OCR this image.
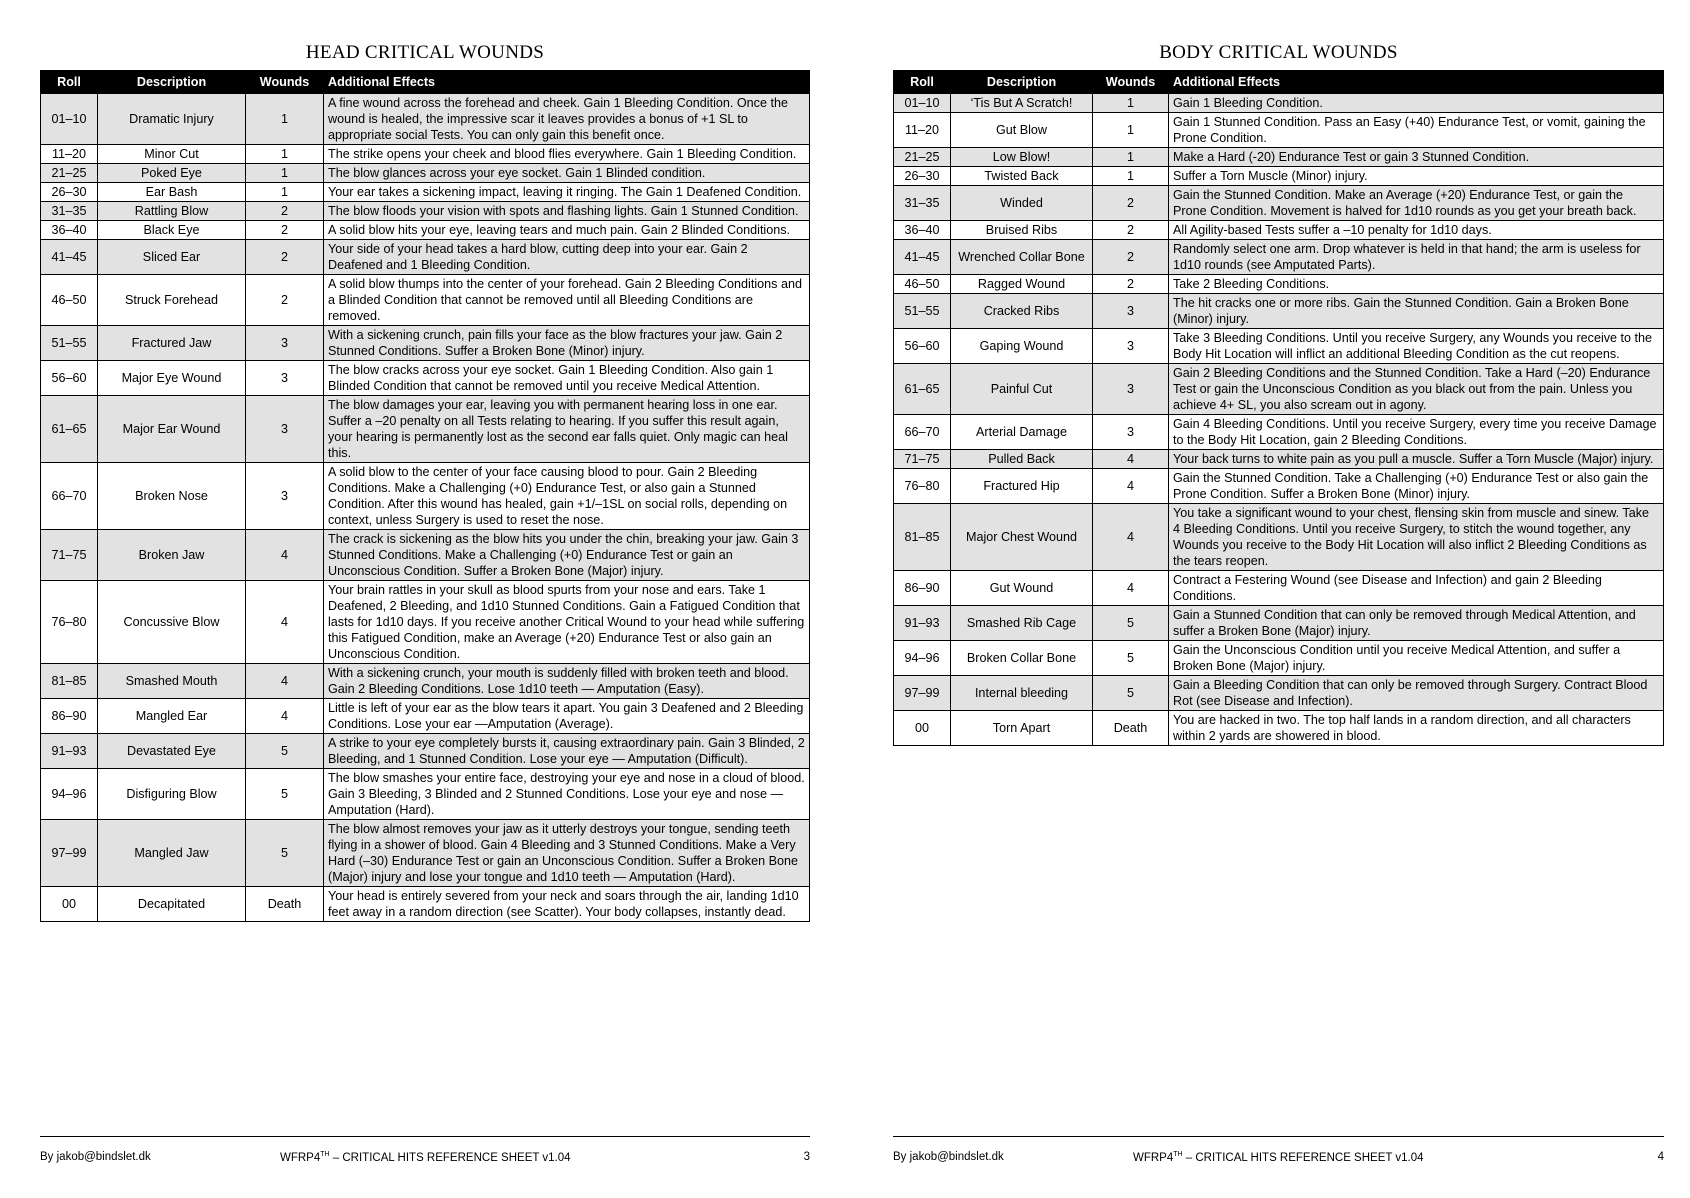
HEAD CRITICAL WOUNDS
Roll	Description	Wounds	Additional Effects
01–10	Dramatic Injury	1	A fine wound across the forehead and cheek. Gain 1 Bleeding Condition. Once the wound is healed, the impressive scar it leaves provides a bonus of +1 SL to appropriate social Tests. You can only gain this benefit once.
11–20	Minor Cut	1	The strike opens your cheek and blood flies everywhere. Gain 1 Bleeding Condition.
21–25	Poked Eye	1	The blow glances across your eye socket. Gain 1 Blinded condition.
26–30	Ear Bash	1	Your ear takes a sickening impact, leaving it ringing. The Gain 1 Deafened Condition.
31–35	Rattling Blow	2	The blow floods your vision with spots and flashing lights. Gain 1 Stunned Condition.
36–40	Black Eye	2	A solid blow hits your eye, leaving tears and much pain. Gain 2 Blinded Conditions.
41–45	Sliced Ear	2	Your side of your head takes a hard blow, cutting deep into your ear. Gain 2 Deafened and 1 Bleeding Condition.
46–50	Struck Forehead	2	A solid blow thumps into the center of your forehead. Gain 2 Bleeding Conditions and a Blinded Condition that cannot be removed until all Bleeding Conditions are removed.
51–55	Fractured Jaw	3	With a sickening crunch, pain fills your face as the blow fractures your jaw. Gain 2 Stunned Conditions. Suffer a Broken Bone (Minor) injury.
56–60	Major Eye Wound	3	The blow cracks across your eye socket. Gain 1 Bleeding Condition. Also gain 1 Blinded Condition that cannot be removed until you receive Medical Attention.
61–65	Major Ear Wound	3	The blow damages your ear, leaving you with permanent hearing loss in one ear. Suffer a –20 penalty on all Tests relating to hearing. If you suffer this result again, your hearing is permanently lost as the second ear falls quiet. Only magic can heal this.
66–70	Broken Nose	3	A solid blow to the center of your face causing blood to pour. Gain 2 Bleeding Conditions. Make a Challenging (+0) Endurance Test, or also gain a Stunned Condition. After this wound has healed, gain +1/–1SL on social rolls, depending on context, unless Surgery is used to reset the nose.
71–75	Broken Jaw	4	The crack is sickening as the blow hits you under the chin, breaking your jaw. Gain 3 Stunned Conditions. Make a Challenging (+0) Endurance Test or gain an Unconscious Condition. Suffer a Broken Bone (Major) injury.
76–80	Concussive Blow	4	Your brain rattles in your skull as blood spurts from your nose and ears. Take 1 Deafened, 2 Bleeding, and 1d10 Stunned Conditions. Gain a Fatigued Condition that lasts for 1d10 days. If you receive another Critical Wound to your head while suffering this Fatigued Condition, make an Average (+20) Endurance Test or also gain an Unconscious Condition.
81–85	Smashed Mouth	4	With a sickening crunch, your mouth is suddenly filled with broken teeth and blood. Gain 2 Bleeding Conditions. Lose 1d10 teeth — Amputation (Easy).
86–90	Mangled Ear	4	Little is left of your ear as the blow tears it apart. You gain 3 Deafened and 2 Bleeding Conditions. Lose your ear —Amputation (Average).
91–93	Devastated Eye	5	A strike to your eye completely bursts it, causing extraordinary pain. Gain 3 Blinded, 2 Bleeding, and 1 Stunned Condition. Lose your eye — Amputation (Difficult).
94–96	Disfiguring Blow	5	The blow smashes your entire face, destroying your eye and nose in a cloud of blood. Gain 3 Bleeding, 3 Blinded and 2 Stunned Conditions. Lose your eye and nose — Amputation (Hard).
97–99	Mangled Jaw	5	The blow almost removes your jaw as it utterly destroys your tongue, sending teeth flying in a shower of blood. Gain 4 Bleeding and 3 Stunned Conditions. Make a Very Hard (–30) Endurance Test or gain an Unconscious Condition. Suffer a Broken Bone (Major) injury and lose your tongue and 1d10 teeth — Amputation (Hard).
00	Decapitated	Death	Your head is entirely severed from your neck and soars through the air, landing 1d10 feet away in a random direction (see Scatter). Your body collapses, instantly dead.
By jakob@bindslet.dk	WFRP4TH – CRITICAL HITS REFERENCE SHEET v1.04	3
BODY CRITICAL WOUNDS
Roll	Description	Wounds	Additional Effects
01–10	‘Tis But A Scratch!	1	Gain 1 Bleeding Condition.
11–20	Gut Blow	1	Gain 1 Stunned Condition. Pass an Easy (+40) Endurance Test, or vomit, gaining the Prone Condition.
21–25	Low Blow!	1	Make a Hard (-20) Endurance Test or gain 3 Stunned Condition.
26–30	Twisted Back	1	Suffer a Torn Muscle (Minor) injury.
31–35	Winded	2	Gain the Stunned Condition. Make an Average (+20) Endurance Test, or gain the Prone Condition. Movement is halved for 1d10 rounds as you get your breath back.
36–40	Bruised Ribs	2	All Agility-based Tests suffer a –10 penalty for 1d10 days.
41–45	Wrenched Collar Bone	2	Randomly select one arm. Drop whatever is held in that hand; the arm is useless for 1d10 rounds (see Amputated Parts).
46–50	Ragged Wound	2	Take 2 Bleeding Conditions.
51–55	Cracked Ribs	3	The hit cracks one or more ribs. Gain the Stunned Condition. Gain a Broken Bone (Minor) injury.
56–60	Gaping Wound	3	Take 3 Bleeding Conditions. Until you receive Surgery, any Wounds you receive to the Body Hit Location will inflict an additional Bleeding Condition as the cut reopens.
61–65	Painful Cut	3	Gain 2 Bleeding Conditions and the Stunned Condition. Take a Hard (–20) Endurance Test or gain the Unconscious Condition as you black out from the pain. Unless you achieve 4+ SL, you also scream out in agony.
66–70	Arterial Damage	3	Gain 4 Bleeding Conditions. Until you receive Surgery, every time you receive Damage to the Body Hit Location, gain 2 Bleeding Conditions.
71–75	Pulled Back	4	Your back turns to white pain as you pull a muscle. Suffer a Torn Muscle (Major) injury.
76–80	Fractured Hip	4	Gain the Stunned Condition. Take a Challenging (+0) Endurance Test or also gain the Prone Condition. Suffer a Broken Bone (Minor) injury.
81–85	Major Chest Wound	4	You take a significant wound to your chest, flensing skin from muscle and sinew. Take 4 Bleeding Conditions. Until you receive Surgery, to stitch the wound together, any Wounds you receive to the Body Hit Location will also inflict 2 Bleeding Conditions as the tears reopen.
86–90	Gut Wound	4	Contract a Festering Wound (see Disease and Infection) and gain 2 Bleeding Conditions.
91–93	Smashed Rib Cage	5	Gain a Stunned Condition that can only be removed through Medical Attention, and suffer a Broken Bone (Major) injury.
94–96	Broken Collar Bone	5	Gain the Unconscious Condition until you receive Medical Attention, and suffer a Broken Bone (Major) injury.
97–99	Internal bleeding	5	Gain a Bleeding Condition that can only be removed through Surgery. Contract Blood Rot (see Disease and Infection).
00	Torn Apart	Death	You are hacked in two. The top half lands in a random direction, and all characters within 2 yards are showered in blood.
By jakob@bindslet.dk	WFRP4TH – CRITICAL HITS REFERENCE SHEET v1.04	4
